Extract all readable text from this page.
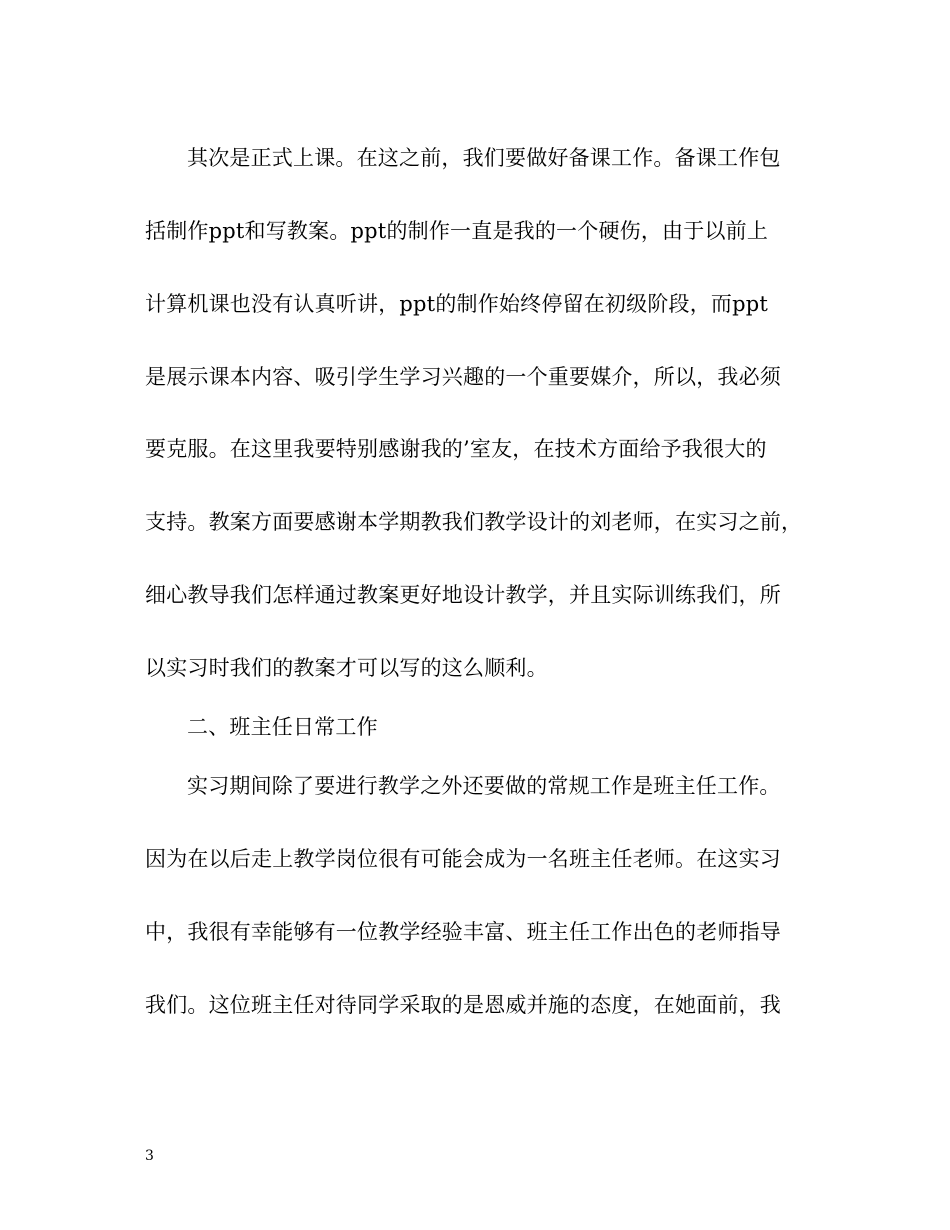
其次是正式上课。在这之前，我们要做好备课工作。备课工作包
括制作ppt和写教案。ppt的制作一直是我的一个硬伤，由于以前上
计算机课也没有认真听讲，ppt的制作始终停留在初级阶段，而ppt
是展示课本内容、吸引学生学习兴趣的一个重要媒介，所以，我必须
要克服。在这里我要特别感谢我的’室友，在技术方面给予我很大的
支持。教案方面要感谢本学期教我们教学设计的刘老师，在实习之前，
细心教导我们怎样通过教案更好地设计教学，并且实际训练我们，所
以实习时我们的教案才可以写的这么顺利。
二、班主任日常工作
实习期间除了要进行教学之外还要做的常规工作是班主任工作。
因为在以后走上教学岗位很有可能会成为一名班主任老师。在这实习
中，我很有幸能够有一位教学经验丰富、班主任工作出色的老师指导
我们。这位班主任对待同学采取的是恩威并施的态度，在她面前，我
3
